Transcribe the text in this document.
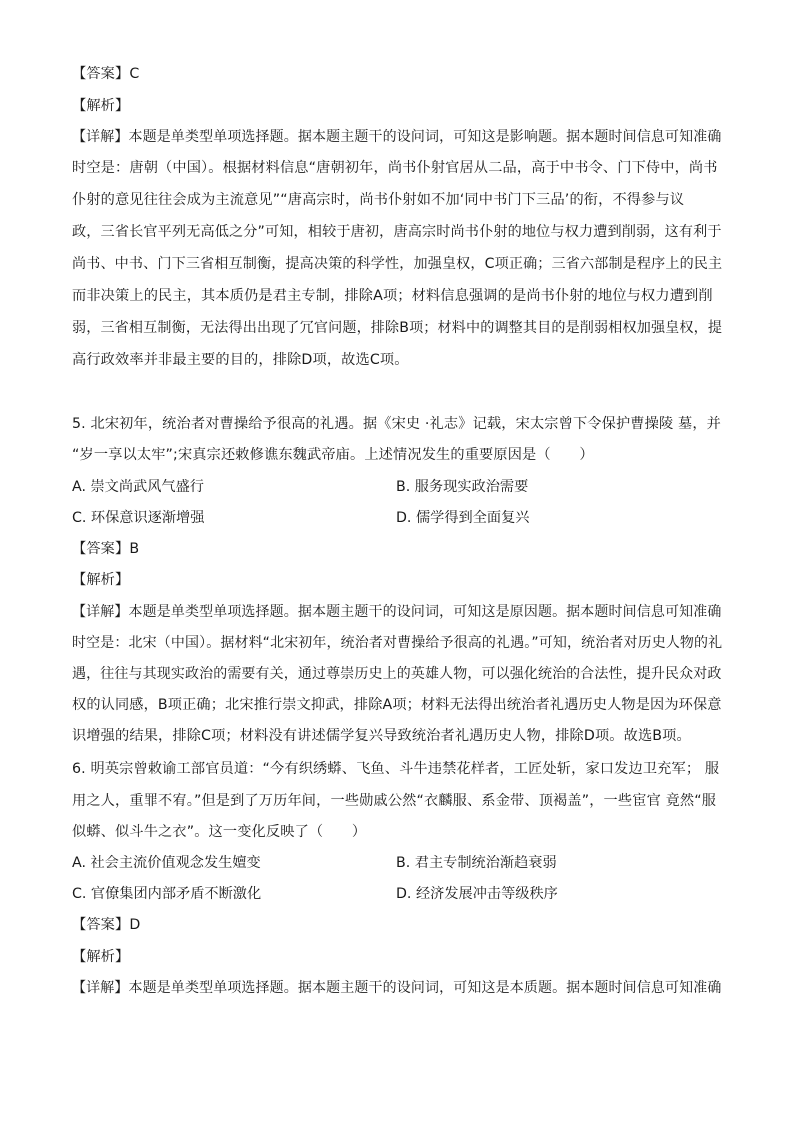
【答案】C
【解析】
【详解】本题是单类型单项选择题。据本题主题干的设问词，可知这是影响题。据本题时间信息可知准确
时空是：唐朝（中国）。根据材料信息“唐朝初年，尚书仆射官居从二品，高于中书令、门下侍中，尚书
仆射的意见往往会成为主流意见”“唐高宗时，尚书仆射如不加‘同中书门下三品’的衔，不得参与议
政，三省长官平列无高低之分”可知，相较于唐初，唐高宗时尚书仆射的地位与权力遭到削弱，这有利于
尚书、中书、门下三省相互制衡，提高决策的科学性，加强皇权，C项正确；三省六部制是程序上的民主
而非决策上的民主，其本质仍是君主专制，排除A项；材料信息强调的是尚书仆射的地位与权力遭到削
弱，三省相互制衡，无法得出出现了冗官问题，排除B项；材料中的调整其目的是削弱相权加强皇权，提
高行政效率并非最主要的目的，排除D项，故选C项。
5. 北宋初年，统治者对曹操给予很高的礼遇。据《宋史 ·礼志》记载，宋太宗曾下令保护曹操陵 墓，并
“岁一享以太牢”;宋真宗还敕修谯东魏武帝庙。上述情况发生的重要原因是（　　）
A. 崇文尚武风气盛行	B. 服务现实政治需要
C. 环保意识逐渐增强	D. 儒学得到全面复兴
【答案】B
【解析】
【详解】本题是单类型单项选择题。据本题主题干的设问词，可知这是原因题。据本题时间信息可知准确
时空是：北宋（中国）。据材料“北宋初年，统治者对曹操给予很高的礼遇。”可知，统治者对历史人物的礼
遇，往往与其现实政治的需要有关，通过尊崇历史上的英雄人物，可以强化统治的合法性，提升民众对政
权的认同感，B项正确；北宋推行崇文抑武，排除A项；材料无法得出统治者礼遇历史人物是因为环保意
识增强的结果，排除C项；材料没有讲述儒学复兴导致统治者礼遇历史人物，排除D项。故选B项。
6. 明英宗曾敕谕工部官员道：“今有织绣蟒、飞鱼、斗牛违禁花样者，工匠处斩，家口发边卫充军； 服
用之人，重罪不宥。”但是到了万历年间，一些勋戚公然“衣麟服、系金带、顶褐盖”，一些宦官 竟然“服
似蟒、似斗牛之衣”。这一变化反映了（　　）
A. 社会主流价值观念发生嬗变	B. 君主专制统治渐趋衰弱
C. 官僚集团内部矛盾不断激化	D. 经济发展冲击等级秩序
【答案】D
【解析】
【详解】本题是单类型单项选择题。据本题主题干的设问词，可知这是本质题。据本题时间信息可知准确
